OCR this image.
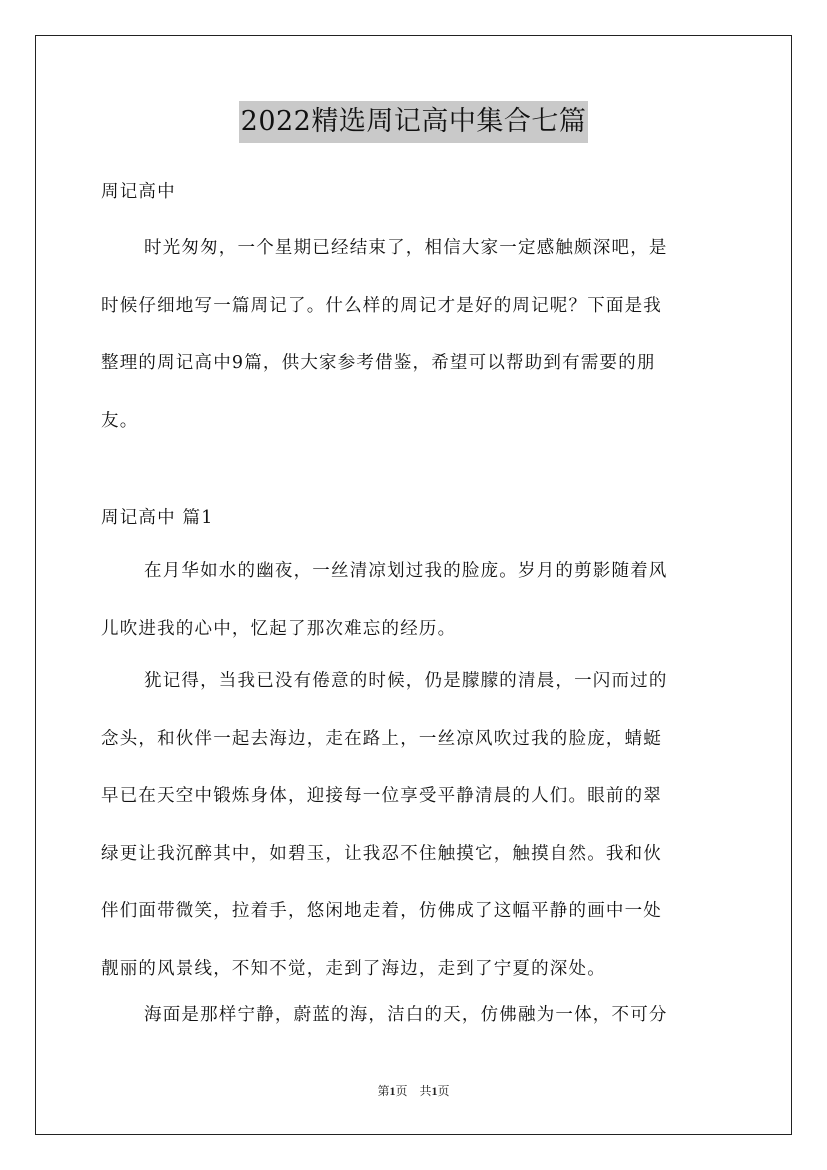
2022精选周记高中集合七篇
周记高中
时光匆匆，一个星期已经结束了，相信大家一定感触颇深吧，是
时候仔细地写一篇周记了。什么样的周记才是好的周记呢？下面是我
整理的周记高中9篇，供大家参考借鉴，希望可以帮助到有需要的朋
友。
周记高中 篇1
在月华如水的幽夜，一丝清凉划过我的脸庞。岁月的剪影随着风
儿吹进我的心中，忆起了那次难忘的经历。
犹记得，当我已没有倦意的时候，仍是朦朦的清晨，一闪而过的
念头，和伙伴一起去海边，走在路上，一丝凉风吹过我的脸庞，蜻蜓
早已在天空中锻炼身体，迎接每一位享受平静清晨的人们。眼前的翠
绿更让我沉醉其中，如碧玉，让我忍不住触摸它，触摸自然。我和伙
伴们面带微笑，拉着手，悠闲地走着，仿佛成了这幅平静的画中一处
靓丽的风景线，不知不觉，走到了海边，走到了宁夏的深处。
海面是那样宁静，蔚蓝的海，洁白的天，仿佛融为一体，不可分
第1页　共1页
